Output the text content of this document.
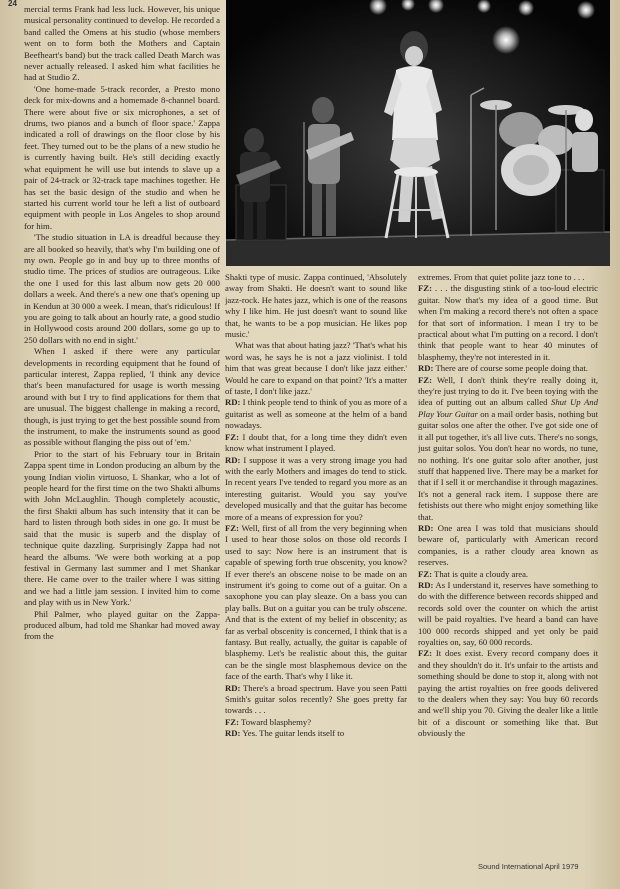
24

mercial terms Frank had less luck. However, his unique musical personality continued to develop. He recorded a band called the Omens at his studio (whose members went on to form both the Mothers and Captain Beefheart's band) but the track called Death March was never actually released. I asked him what facilities he had at Studio Z.

'One home-made 5-track recorder, a Presto mono deck for mix-downs and a homemade 8-channel board. There were about five or six microphones, a set of drums, two pianos and a bunch of floor space.' Zappa indicated a roll of drawings on the floor close by his feet. They turned out to be the plans of a new studio he is currently having built. He's still deciding exactly what equipment he will use but intends to slave up a pair of 24-track or 32-track tape machines together. He has set the basic design of the studio and when he started his current world tour he left a list of outboard equipment with people in Los Angeles to shop around for him.

'The studio situation in LA is dreadful because they are all booked so heavily, that's why I'm building one of my own. People go in and buy up to three months of studio time. The prices of studios are outrageous. Like the one I used for this last album now gets 20 000 dollars a week. And there's a new one that's opening up in Kendun at 30 000 a week. I mean, that's ridiculous! If you are going to talk about an hourly rate, a good studio in Hollywood costs around 200 dollars, some go up to 250 dollars with no end in sight.'

When I asked if there were any particular developments in recording equipment that he found of particular interest, Zappa replied, 'I think any device that's been manufactured for usage is worth messing around with but I try to find applications for them that are unusual. The biggest challenge in making a record, though, is just trying to get the best possible sound from the instrument, to make the instruments sound as good as possible without flanging the piss out of 'em.'

Prior to the start of his February tour in Britain Zappa spent time in London producing an album by the young Indian violin virtuoso, L Shankar, who a lot of people heard for the first time on the two Shakti albums with John McLaughlin. Though completely acoustic, the first Shakti album has such intensity that it can be hard to listen through both sides in one go. It must be said that the music is superb and the display of technique quite dazzling. Surprisingly Zappa had not heard the albums. 'We were both working at a pop festival in Germany last summer and I met Shankar there. He came over to the trailer where I was sitting and we had a little jam session. I invited him to come and play with us in New York.'

Phil Palmer, who played guitar on the Zappa-produced album, had told me Shankar had moved away from the

Shakti type of music. Zappa continued, 'Absolutely away from Shakti. He doesn't want to sound like jazz-rock. He hates jazz, which is one of the reasons why I like him. He just doesn't want to sound like that, he wants to be a pop musician. He likes pop music.'

What was that about hating jazz? 'That's what his word was, he says he is not a jazz violinist. I told him that was great because I don't like jazz either.' Would he care to expand on that point? 'It's a matter of taste, I don't like jazz.'

RD: I think people tend to think of you as more of a guitarist as well as someone at the helm of a band nowadays.

FZ: I doubt that, for a long time they didn't even know what instrument I played.

RD: I suppose it was a very strong image you had with the early Mothers and images do tend to stick. In recent years I've tended to regard you more as an interesting guitarist. Would you say you've developed musically and that the guitar has become more of a means of expression for you?

FZ: Well, first of all from the very beginning when I used to hear those solos on those old records I used to say: Now here is an instrument that is capable of spewing forth true obscenity, you know? If ever there's an obscene noise to be made on an instrument it's going to come out of a guitar. On a saxophone you can play sleaze. On a bass you can play balls. But on a guitar you can be truly obscene. And that is the extent of my belief in obscenity; as far as verbal obscenity is concerned, I think that is a fantasy. But really, actually, the guitar is capable of blasphemy. Let's be realistic about this, the guitar can be the single most blasphemous device on the face of the earth. That's why I like it.

RD: There's a broad spectrum. Have you seen Patti Smith's guitar solos recently? She goes pretty far towards . . .

FZ: Toward blasphemy?

RD: Yes. The guitar lends itself to

extremes. From that quiet polite jazz tone to . . .

FZ: . . . the disgusting stink of a too-loud electric guitar. Now that's my idea of a good time. But when I'm making a record there's not often a space for that sort of information. I mean I try to be practical about what I'm putting on a record. I don't think that people want to hear 40 minutes of blasphemy, they're not interested in it.

RD: There are of course some people doing that.

FZ: Well, I don't think they're really doing it, they're just trying to do it. I've been toying with the idea of putting out an album called Shut Up And Play Your Guitar on a mail order basis, nothing but guitar solos one after the other. I've got side one of it all put together, it's all live cuts. There's no songs, just guitar solos. You don't hear no words, no tune, no nothing. It's one guitar solo after another, just stuff that happened live. There may be a market for that if I sell it or merchandise it through magazines. It's not a general rack item. I suppose there are fetishists out there who might enjoy something like that.

RD: One area I was told that musicians should beware of, particularly with American record companies, is a rather cloudy area known as reserves.

FZ: That is quite a cloudy area.

RD: As I understand it, reserves have something to do with the difference between records shipped and records sold over the counter on which the artist will be paid royalties. I've heard a band can have 100 000 records shipped and yet only be paid royalties on, say, 60 000 records.

FZ: It does exist. Every record company does it and they shouldn't do it. It's unfair to the artists and something should be done to stop it, along with not paying the artist royalties on free goods delivered to the dealers when they say: You buy 60 records and we'll ship you 70. Giving the dealer like a little bit of a discount or something like that. But obviously the

Sound International April 1979
